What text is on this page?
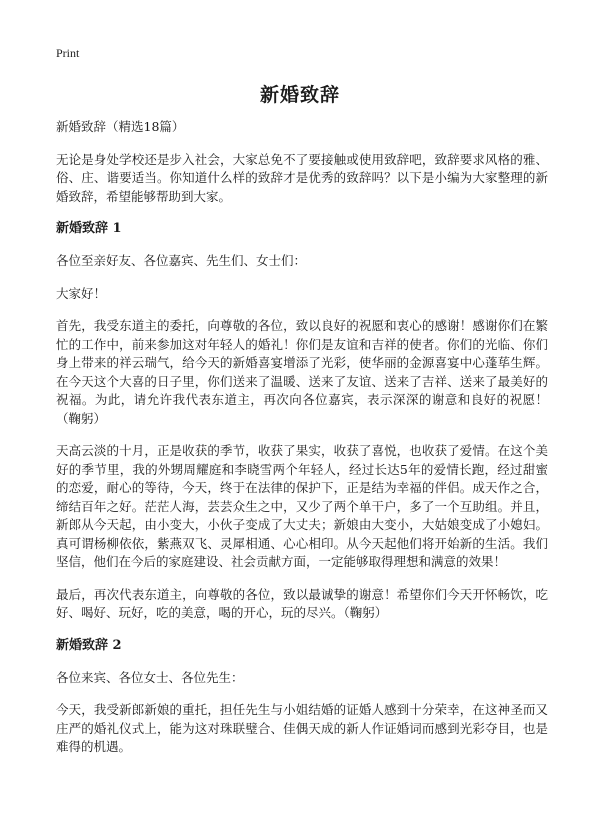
Print
新婚致辞

新婚致辞（精选18篇）

无论是身处学校还是步入社会，大家总免不了要接触或使用致辞吧，致辞要求风格的雅、俗、庄、谐要适当。你知道什么样的致辞才是优秀的致辞吗？以下是小编为大家整理的新婚致辞，希望能够帮助到大家。

新婚致辞 1

各位至亲好友、各位嘉宾、先生们、女士们：

大家好！

首先，我受东道主的委托，向尊敬的各位，致以良好的祝愿和衷心的感谢！感谢你们在繁忙的工作中，前来参加这对年轻人的婚礼！你们是友谊和吉祥的使者。你们的光临、你们身上带来的祥云瑞气，给今天的新婚喜宴增添了光彩，使华丽的金源喜宴中心蓬荜生辉。在今天这个大喜的日子里，你们送来了温暖、送来了友谊、送来了吉祥、送来了最美好的祝福。为此，请允许我代表东道主，再次向各位嘉宾，表示深深的谢意和良好的祝愿！（鞠躬）

天高云淡的十月，正是收获的季节，收获了果实，收获了喜悦，也收获了爱情。在这个美好的季节里，我的外甥周耀庭和李晓雪两个年轻人，经过长达5年的爱情长跑，经过甜蜜的恋爱，耐心的等待，今天，终于在法律的保护下，正是结为幸福的伴侣。成天作之合，缔结百年之好。茫茫人海，芸芸众生之中，又少了两个单干户，多了一个互助组。并且，新郎从今天起，由小变大，小伙子变成了大丈夫；新娘由大变小，大姑娘变成了小媳妇。真可谓杨柳依依，紫燕双飞、灵犀相通、心心相印。从今天起他们将开始新的生活。我们坚信，他们在今后的家庭建设、社会贡献方面，一定能够取得理想和满意的效果！

最后，再次代表东道主，向尊敬的各位，致以最诚挚的谢意！希望你们今天开怀畅饮，吃好、喝好、玩好，吃的美意，喝的开心，玩的尽兴。（鞠躬）

新婚致辞 2

各位来宾、各位女士、各位先生：

今天，我受新郎新娘的重托，担任先生与小姐结婚的证婚人感到十分荣幸，在这神圣而又庄严的婚礼仪式上，能为这对珠联璧合、佳偶天成的新人作证婚词而感到光彩夺目，也是难得的机遇。
